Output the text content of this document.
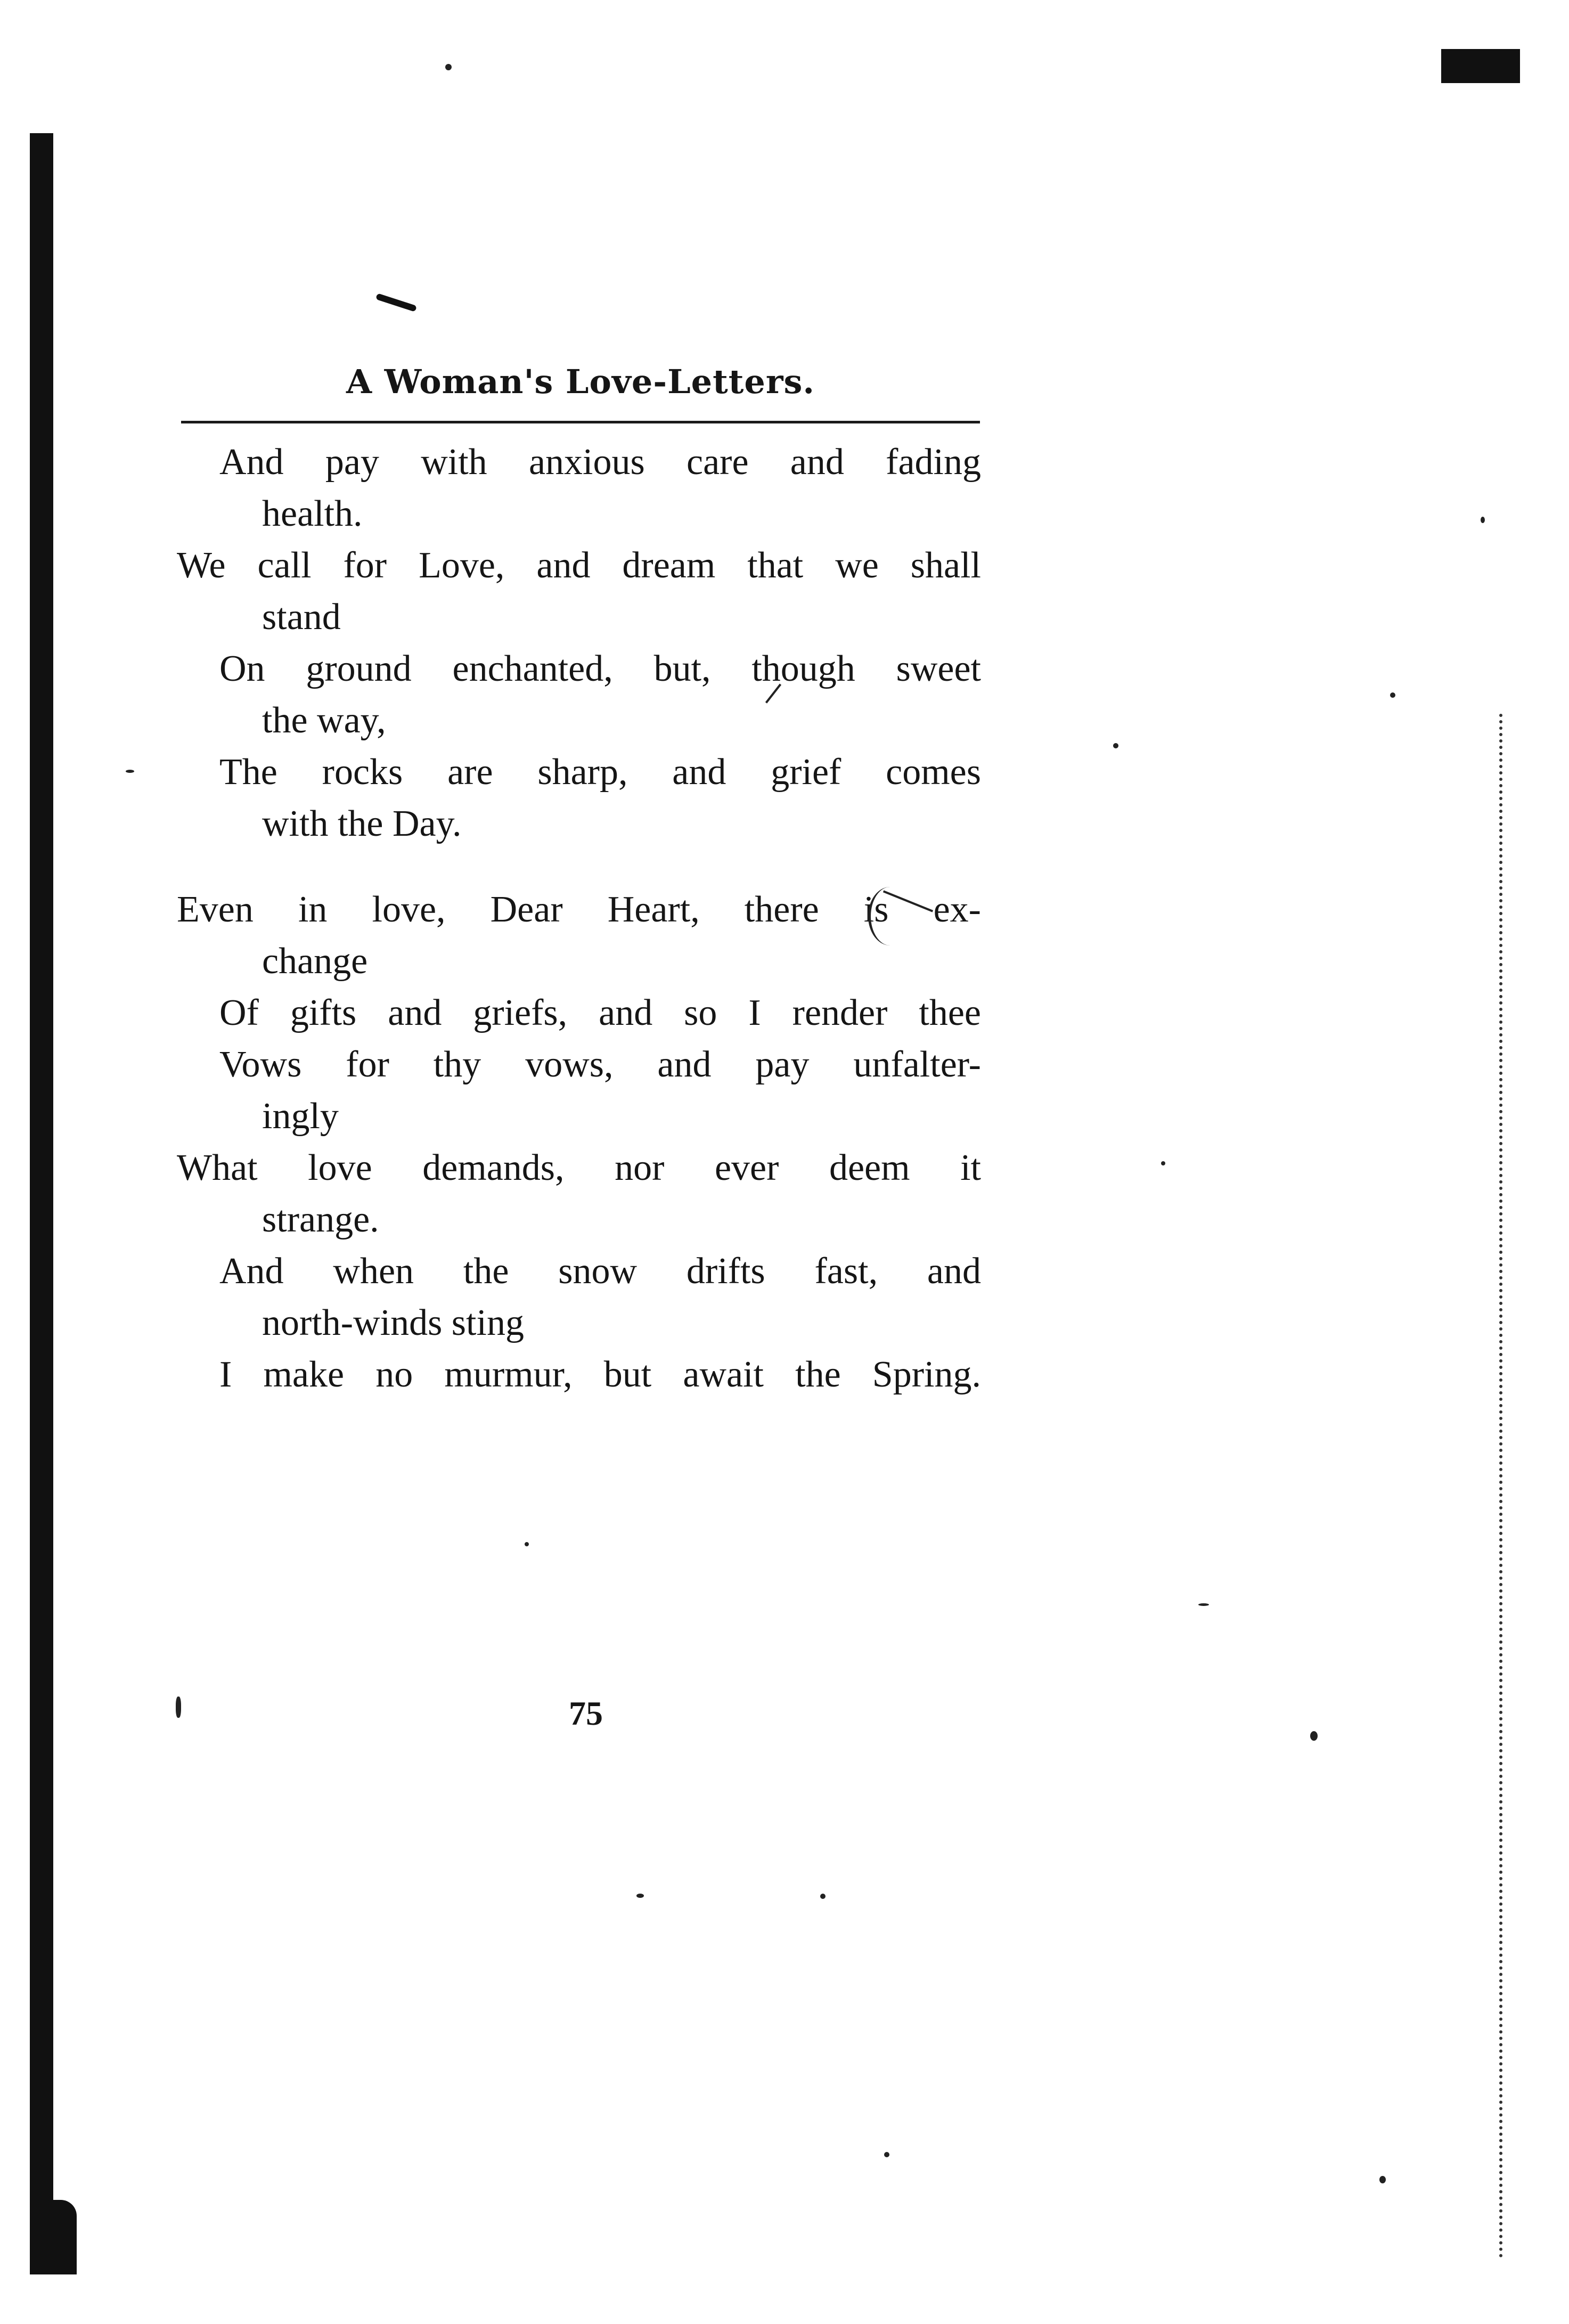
A Woman's Love-Letters.
And pay with anxious care and fading
health.
We call for Love, and dream that we shall
stand
On ground enchanted, but, though sweet
the way,
The rocks are sharp, and grief comes
with the Day.
Even in love, Dear Heart, there is ex-
change
Of gifts and griefs, and so I render thee
Vows for thy vows, and pay unfalter-
ingly
What love demands, nor ever deem it
strange.
And when the snow drifts fast, and
north-winds sting
I make no murmur, but await the Spring.
75
